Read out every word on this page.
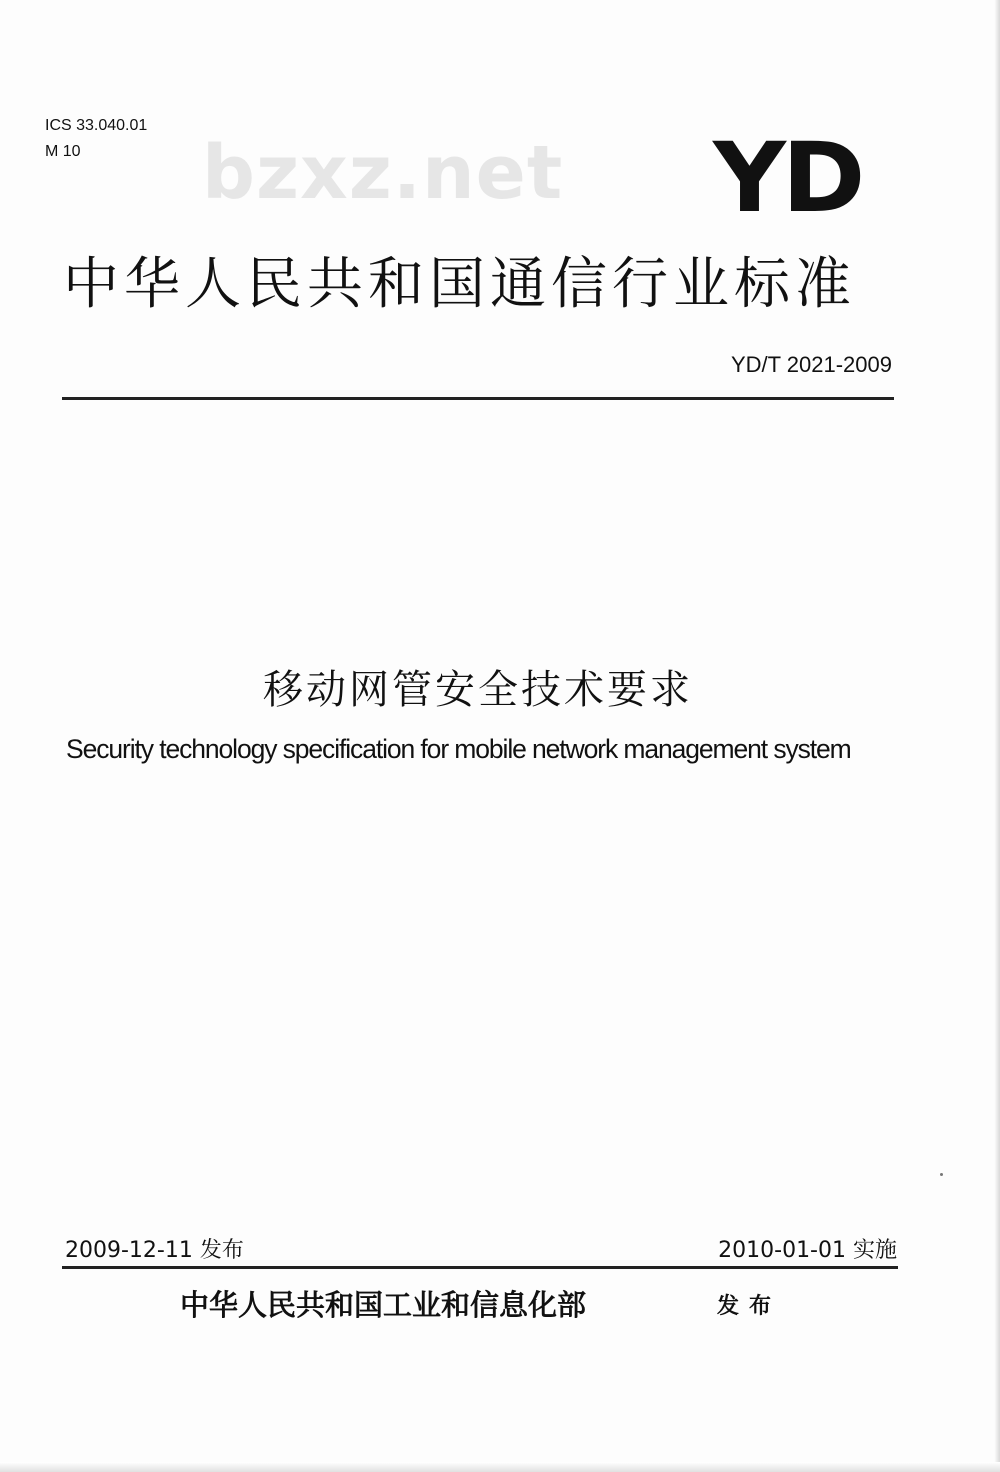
ICS 33.040.01
M 10	bzxz.net YD
中华人民共和国通信行业标准
YD/T 2021-2009
移动网管安全技术要求
Security technology specification for mobile network management system
2009-12-11 发布	2010-01-01 实施
中华人民共和国工业和信息化部	发布
